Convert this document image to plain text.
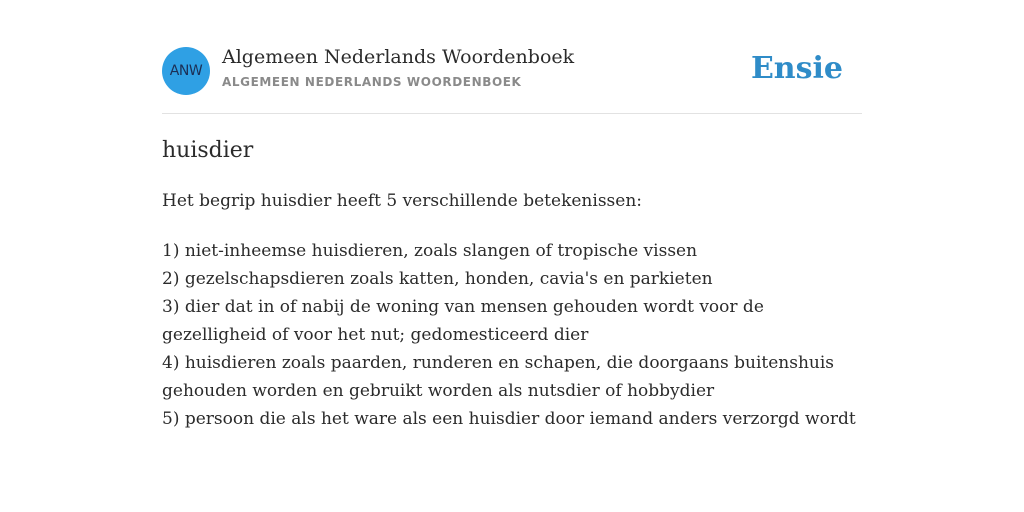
ANW
Algemeen Nederlands Woordenboek
ALGEMEEN NEDERLANDS WOORDENBOEK	Ensie
huisdier

Het begrip huisdier heeft 5 verschillende betekenissen:

1) niet-inheemse huisdieren, zoals slangen of tropische vissen
2) gezelschapsdieren zoals katten, honden, cavia's en parkieten
3) dier dat in of nabij de woning van mensen gehouden wordt voor de gezelligheid of voor het nut; gedomesticeerd dier
4) huisdieren zoals paarden, runderen en schapen, die doorgaans buitenshuis gehouden worden en gebruikt worden als nutsdier of hobbydier
5) persoon die als het ware als een huisdier door iemand anders verzorgd wordt
